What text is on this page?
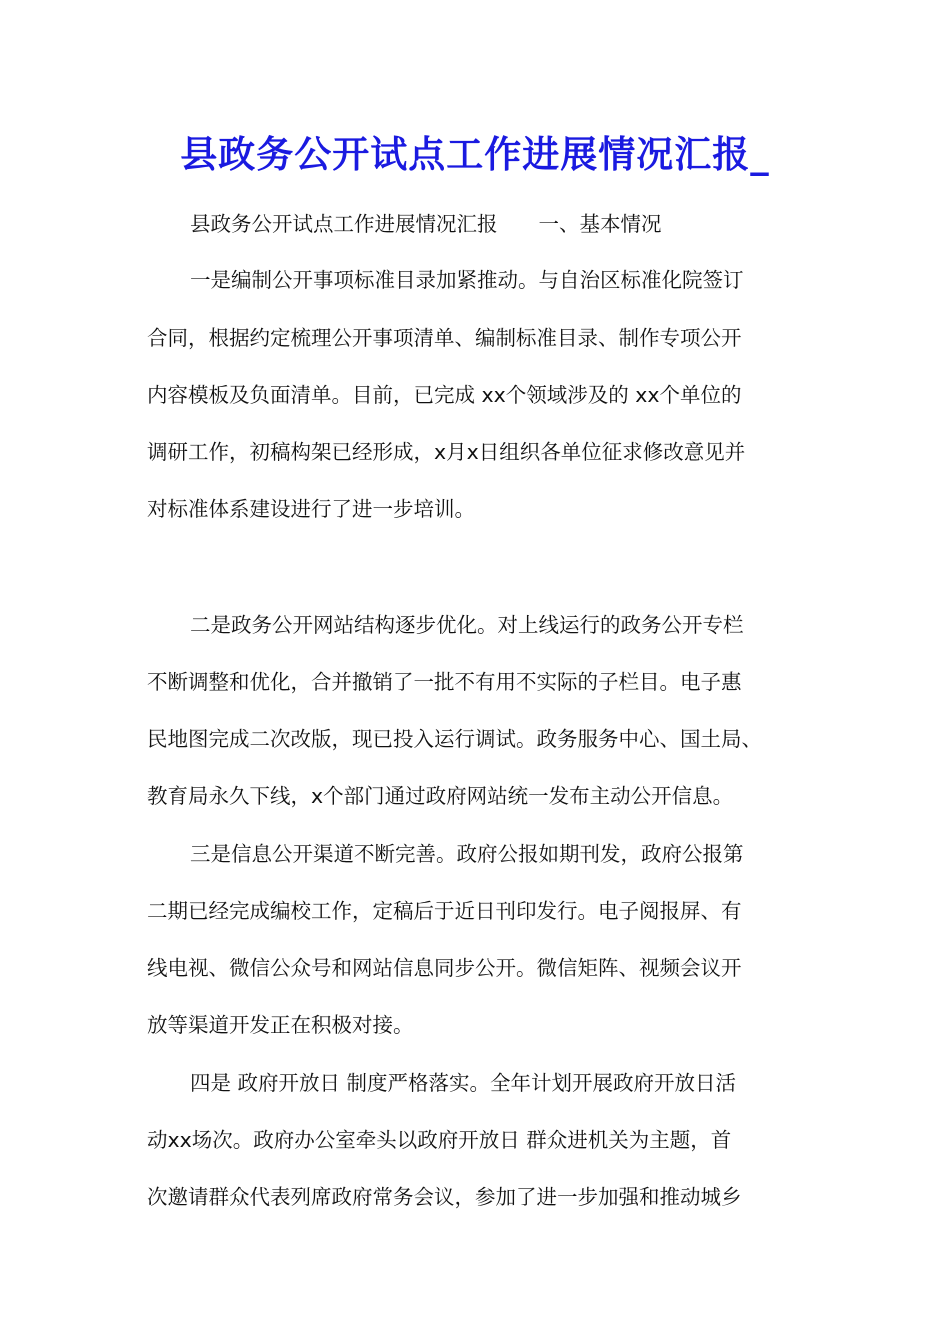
县政务公开试点工作进展情况汇报_
县政务公开试点工作进展情况汇报　　一、基本情况
一是编制公开事项标准目录加紧推动。与自治区标准化院签订
合同，根据约定梳理公开事项清单、编制标准目录、制作专项公开
内容模板及负面清单。目前，已完成 xx个领域涉及的 xx个单位的
调研工作，初稿构架已经形成，x月x日组织各单位征求修改意见并
对标准体系建设进行了进一步培训。
二是政务公开网站结构逐步优化。对上线运行的政务公开专栏
不断调整和优化，合并撤销了一批不有用不实际的子栏目。电子惠
民地图完成二次改版，现已投入运行调试。政务服务中心、国土局、
教育局永久下线，x个部门通过政府网站统一发布主动公开信息。
三是信息公开渠道不断完善。政府公报如期刊发，政府公报第
二期已经完成编校工作，定稿后于近日刊印发行。电子阅报屏、有
线电视、微信公众号和网站信息同步公开。微信矩阵、视频会议开
放等渠道开发正在积极对接。
四是 政府开放日 制度严格落实。全年计划开展政府开放日活
动xx场次。政府办公室牵头以政府开放日 群众进机关为主题，首
次邀请群众代表列席政府常务会议，参加了进一步加强和推动城乡
